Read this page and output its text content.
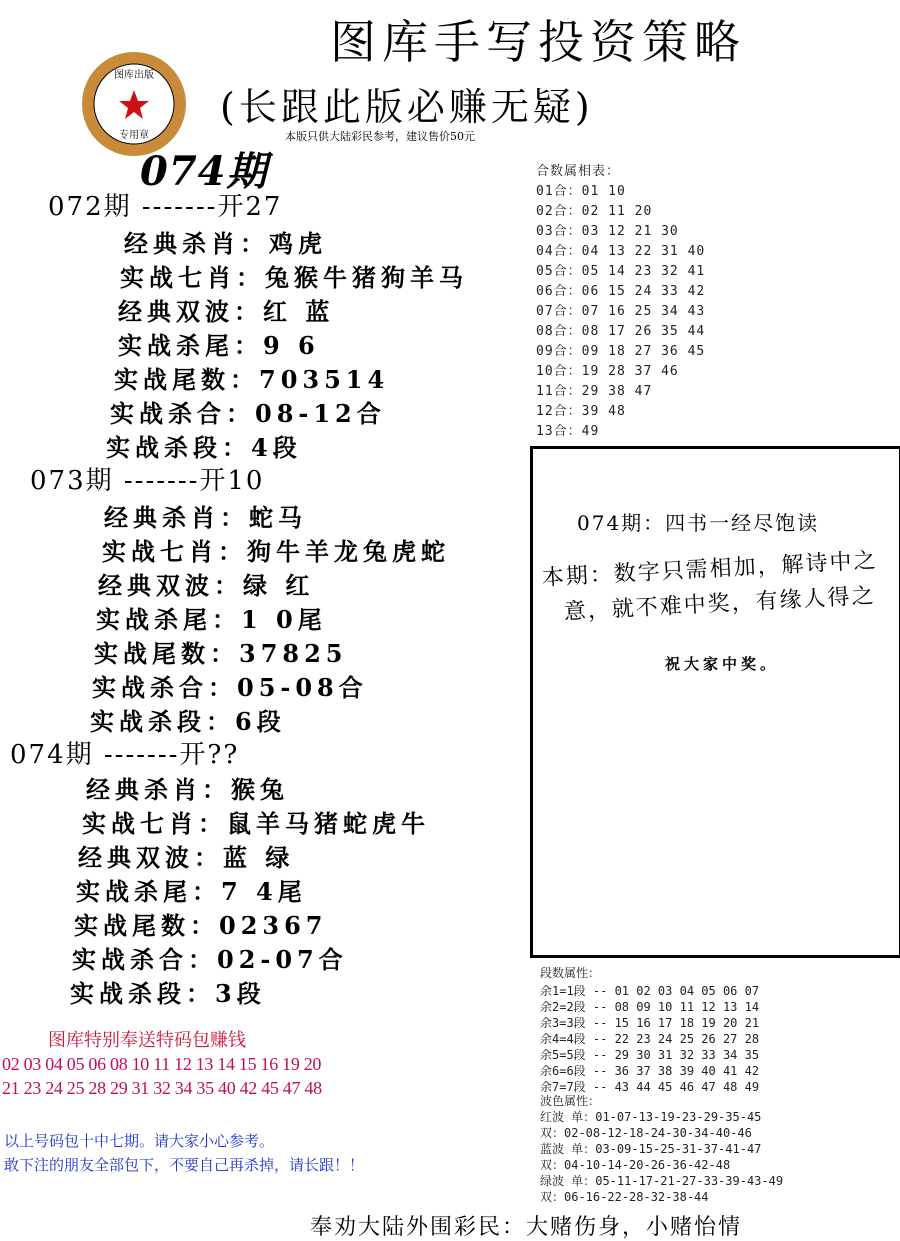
图库手写投资策略
(长跟此版必赚无疑)
本版只供大陆彩民参考，建议售价50元
图库出版
专用章
074期
072期 -------开27
经典杀肖：鸡虎
实战七肖：兔猴牛猪狗羊马
经典双波：红 蓝
实战杀尾：9 6
实战尾数：703514
实战杀合：08-12合
实战杀段：4段
073期 -------开10
经典杀肖：蛇马
实战七肖：狗牛羊龙兔虎蛇
经典双波：绿 红
实战杀尾：1 0尾
实战尾数：37825
实战杀合：05-08合
实战杀段：6段
074期 -------开??
经典杀肖：猴兔
实战七肖：鼠羊马猪蛇虎牛
经典双波：蓝 绿
实战杀尾：7 4尾
实战尾数：02367
实战杀合：02-07合
实战杀段：3段
合数属相表：
01合：01 10
02合：02 11 20
03合：03 12 21 30
04合：04 13 22 31 40
05合：05 14 23 32 41
06合：06 15 24 33 42
07合：07 16 25 34 43
08合：08 17 26 35 44
09合：09 18 27 36 45
10合：19 28 37 46
11合：29 38 47
12合：39 48
13合：49
074期：四书一经尽饱读
本期：数字只需相加，解诗中之
意，就不难中奖，有缘人得之
祝大家中奖。
图库特别奉送特码包赚钱
02 03 04 05 06 08 10 11 12 13 14 15 16 19 20
21 23 24 25 28 29 31 32 34 35 40 42 45 47 48
以上号码包十中七期。请大家小心参考。
敢下注的朋友全部包下，不要自己再杀掉，请长跟！！
段数属性：
余1=1段 -- 01 02 03 04 05 06 07
余2=2段 -- 08 09 10 11 12 13 14
余3=3段 -- 15 16 17 18 19 20 21
余4=4段 -- 22 23 24 25 26 27 28
余5=5段 -- 29 30 31 32 33 34 35
余6=6段 -- 36 37 38 39 40 41 42
余7=7段 -- 43 44 45 46 47 48 49
波色属性：
红波 单：01-07-13-19-23-29-35-45
双：02-08-12-18-24-30-34-40-46
蓝波 单：03-09-15-25-31-37-41-47
双：04-10-14-20-26-36-42-48
绿波 单：05-11-17-21-27-33-39-43-49
双：06-16-22-28-32-38-44
奉劝大陆外围彩民：大赌伤身，小赌怡情
